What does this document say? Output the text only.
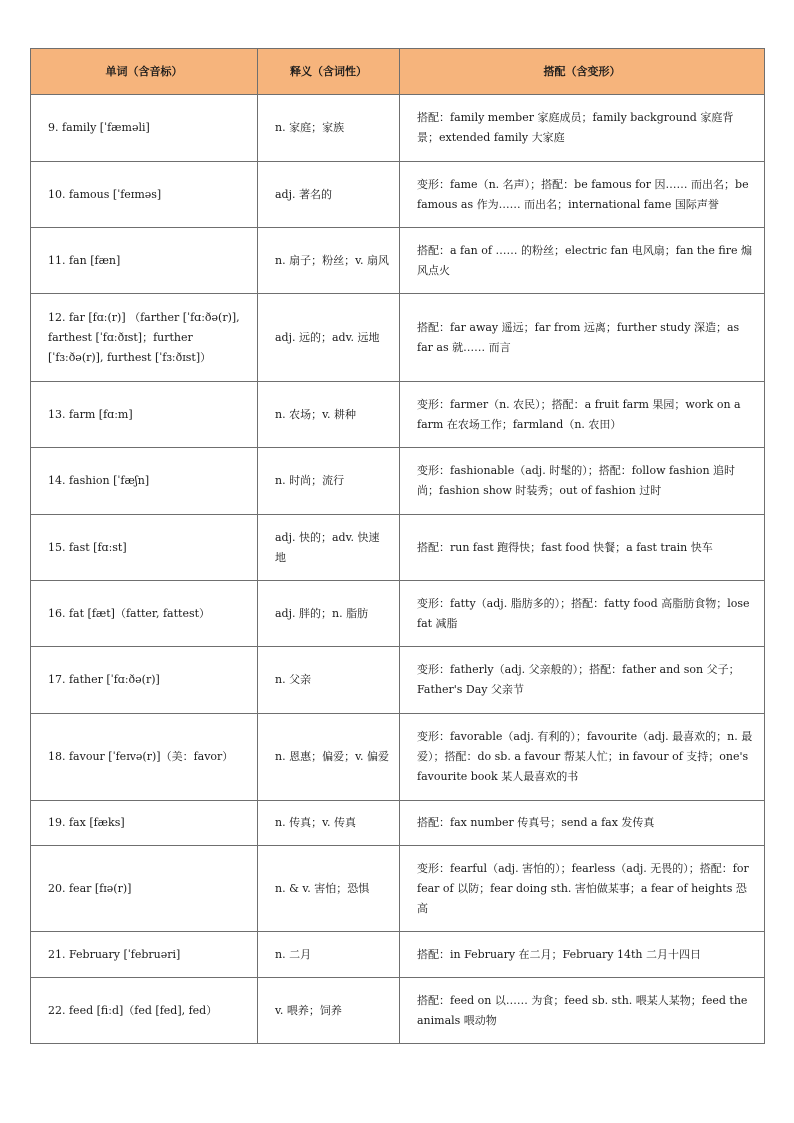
单词（含音标）	释义（含词性）	搭配（含变形）
9. family [ˈfæməli]	n. 家庭；家族	搭配：family member 家庭成员；family background 家庭背景；extended family 大家庭
10. famous [ˈfeɪməs]	adj. 著名的	变形：fame（n. 名声）；搭配：be famous for 因…… 而出名；be famous as 作为…… 而出名；international fame 国际声誉
11. fan [fæn]	n. 扇子；粉丝；v. 扇风	搭配：a fan of …… 的粉丝；electric fan 电风扇；fan the fire 煽风点火
12. far [fɑː(r)] （farther [ˈfɑːðə(r)], farthest [ˈfɑːðɪst]；further [ˈfɜːðə(r)], furthest [ˈfɜːðɪst]）	adj. 远的；adv. 远地	搭配：far away 遥远；far from 远离；further study 深造；as far as 就…… 而言
13. farm [fɑːm]	n. 农场；v. 耕种	变形：farmer（n. 农民）；搭配：a fruit farm 果园；work on a farm 在农场工作；farmland（n. 农田）
14. fashion [ˈfæʃn]	n. 时尚；流行	变形：fashionable（adj. 时髦的）；搭配：follow fashion 追时尚；fashion show 时装秀；out of fashion 过时
15. fast [fɑːst]	adj. 快的；adv. 快速地	搭配：run fast 跑得快；fast food 快餐；a fast train 快车
16. fat [fæt]（fatter, fattest）	adj. 胖的；n. 脂肪	变形：fatty（adj. 脂肪多的）；搭配：fatty food 高脂肪食物；lose fat 减脂
17. father [ˈfɑːðə(r)]	n. 父亲	变形：fatherly（adj. 父亲般的）；搭配：father and son 父子；Father's Day 父亲节
18. favour [ˈfeɪvə(r)]（美：favor）	n. 恩惠；偏爱；v. 偏爱	变形：favorable（adj. 有利的）；favourite（adj. 最喜欢的；n. 最爱）；搭配：do sb. a favour 帮某人忙；in favour of 支持；one's favourite book 某人最喜欢的书
19. fax [fæks]	n. 传真；v. 传真	搭配：fax number 传真号；send a fax 发传真
20. fear [fɪə(r)]	n. & v. 害怕；恐惧	变形：fearful（adj. 害怕的）；fearless（adj. 无畏的）；搭配：for fear of 以防；fear doing sth. 害怕做某事；a fear of heights 恐高
21. February [ˈfebruəri]	n. 二月	搭配：in February 在二月；February 14th 二月十四日
22. feed [fiːd]（fed [fed], fed）	v. 喂养；饲养	搭配：feed on 以…… 为食；feed sb. sth. 喂某人某物；feed the animals 喂动物
